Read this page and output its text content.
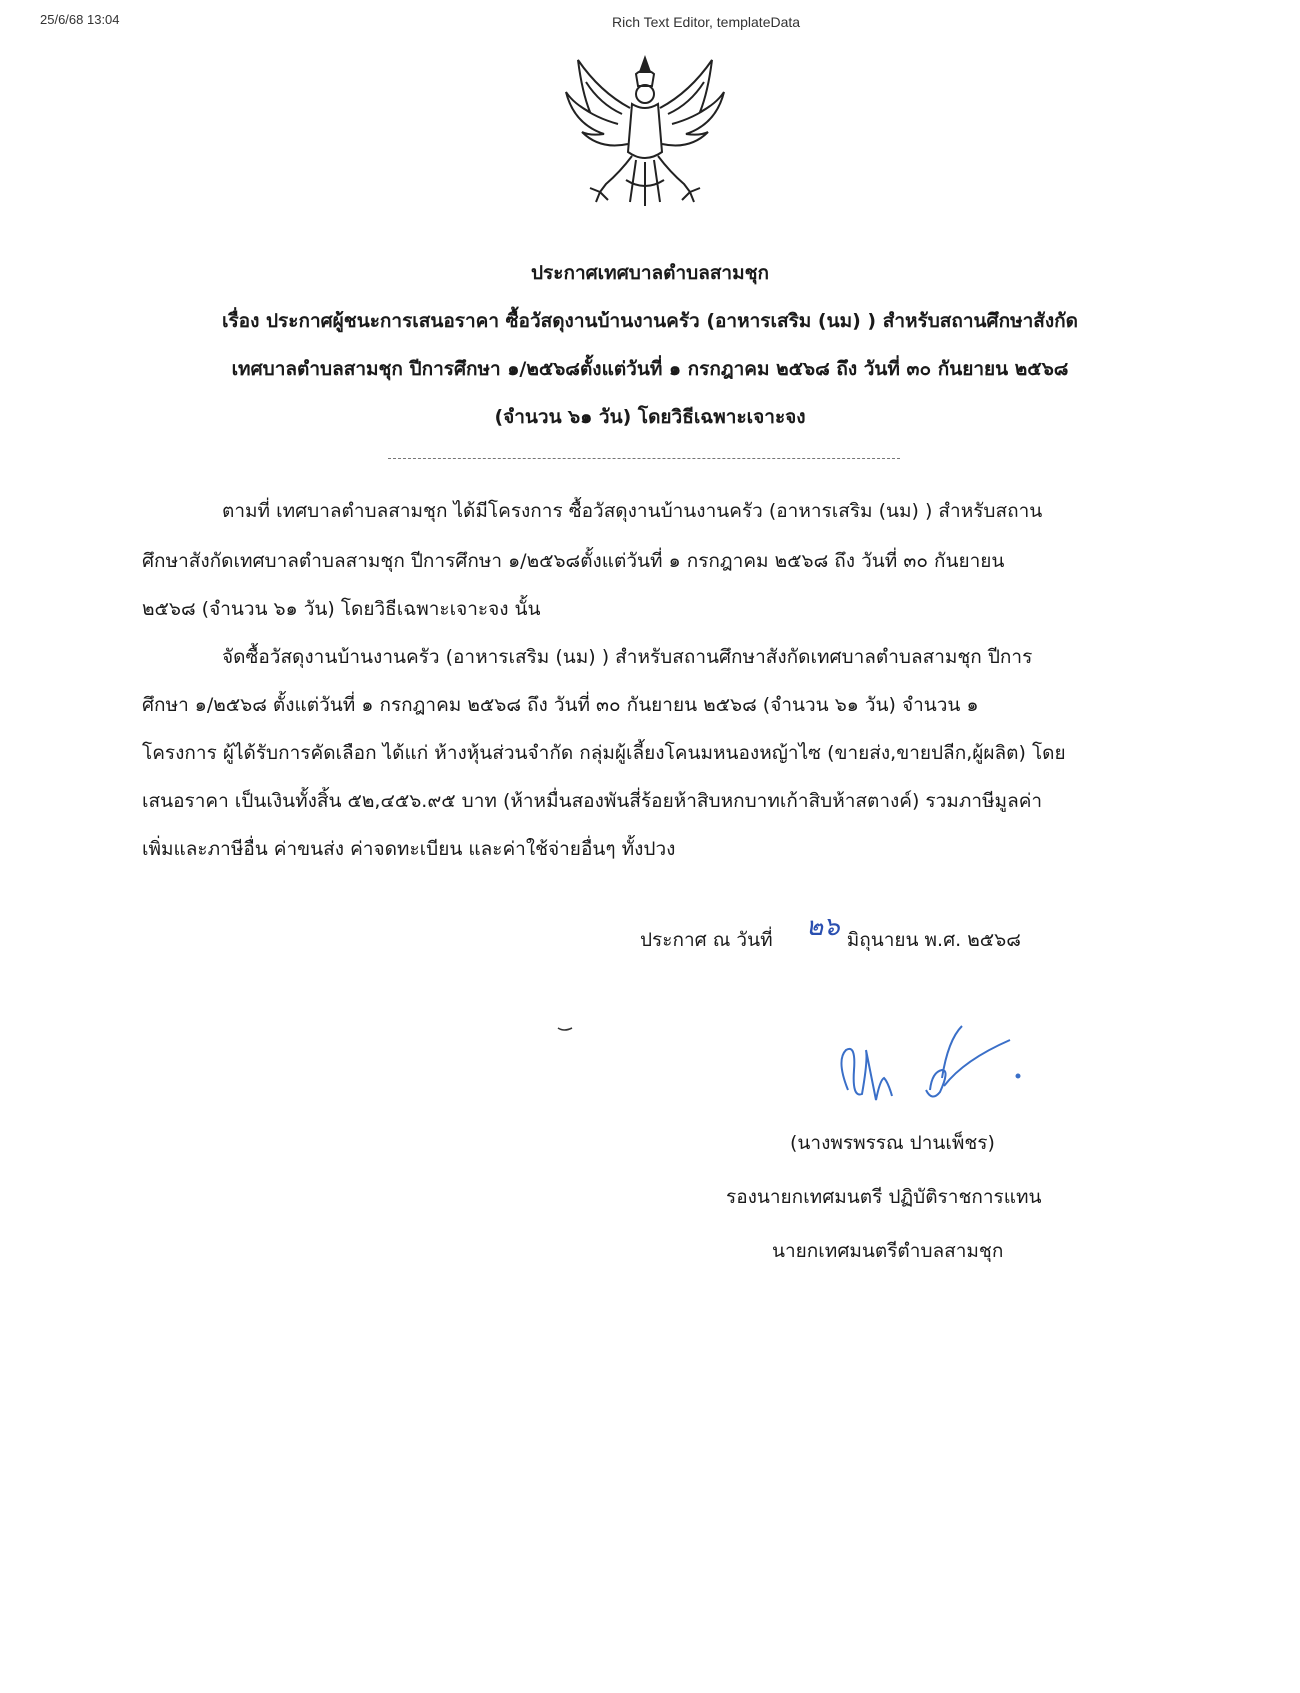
25/6/68 13:04	Rich Text Editor, templateData
ประกาศเทศบาลตำบลสามชุก
เรื่อง ประกาศผู้ชนะการเสนอราคา ซื้อวัสดุงานบ้านงานครัว (อาหารเสริม (นม) ) สำหรับสถานศึกษาสังกัด
เทศบาลตำบลสามชุก ปีการศึกษา ๑/๒๕๖๘ตั้งแต่วันที่ ๑ กรกฎาคม ๒๕๖๘ ถึง วันที่ ๓๐ กันยายน ๒๕๖๘
(จำนวน ๖๑ วัน) โดยวิธีเฉพาะเจาะจง
ตามที่ เทศบาลตำบลสามชุก ได้มีโครงการ ซื้อวัสดุงานบ้านงานครัว (อาหารเสริม (นม) ) สำหรับสถาน
ศึกษาสังกัดเทศบาลตำบลสามชุก ปีการศึกษา ๑/๒๕๖๘ตั้งแต่วันที่ ๑ กรกฎาคม ๒๕๖๘ ถึง วันที่ ๓๐ กันยายน
๒๕๖๘ (จำนวน ๖๑ วัน) โดยวิธีเฉพาะเจาะจง นั้น
จัดซื้อวัสดุงานบ้านงานครัว (อาหารเสริม (นม) ) สำหรับสถานศึกษาสังกัดเทศบาลตำบลสามชุก ปีการ
ศึกษา ๑/๒๕๖๘ ตั้งแต่วันที่ ๑ กรกฎาคม ๒๕๖๘ ถึง วันที่ ๓๐ กันยายน ๒๕๖๘ (จำนวน ๖๑ วัน) จำนวน ๑
โครงการ ผู้ได้รับการคัดเลือก ได้แก่ ห้างหุ้นส่วนจำกัด กลุ่มผู้เลี้ยงโคนมหนองหญ้าไซ (ขายส่ง,ขายปลีก,ผู้ผลิต) โดย
เสนอราคา เป็นเงินทั้งสิ้น ๕๒,๔๕๖.๙๕ บาท (ห้าหมื่นสองพันสี่ร้อยห้าสิบหกบาทเก้าสิบห้าสตางค์) รวมภาษีมูลค่า
เพิ่มและภาษีอื่น ค่าขนส่ง ค่าจดทะเบียน และค่าใช้จ่ายอื่นๆ ทั้งปวง
ประกาศ ณ วันที่	มิถุนายน พ.ศ. ๒๕๖๘
๒๖
(นางพรพรรณ ปานเพ็ชร)
รองนายกเทศมนตรี ปฏิบัติราชการแทน
นายกเทศมนตรีตำบลสามชุก
